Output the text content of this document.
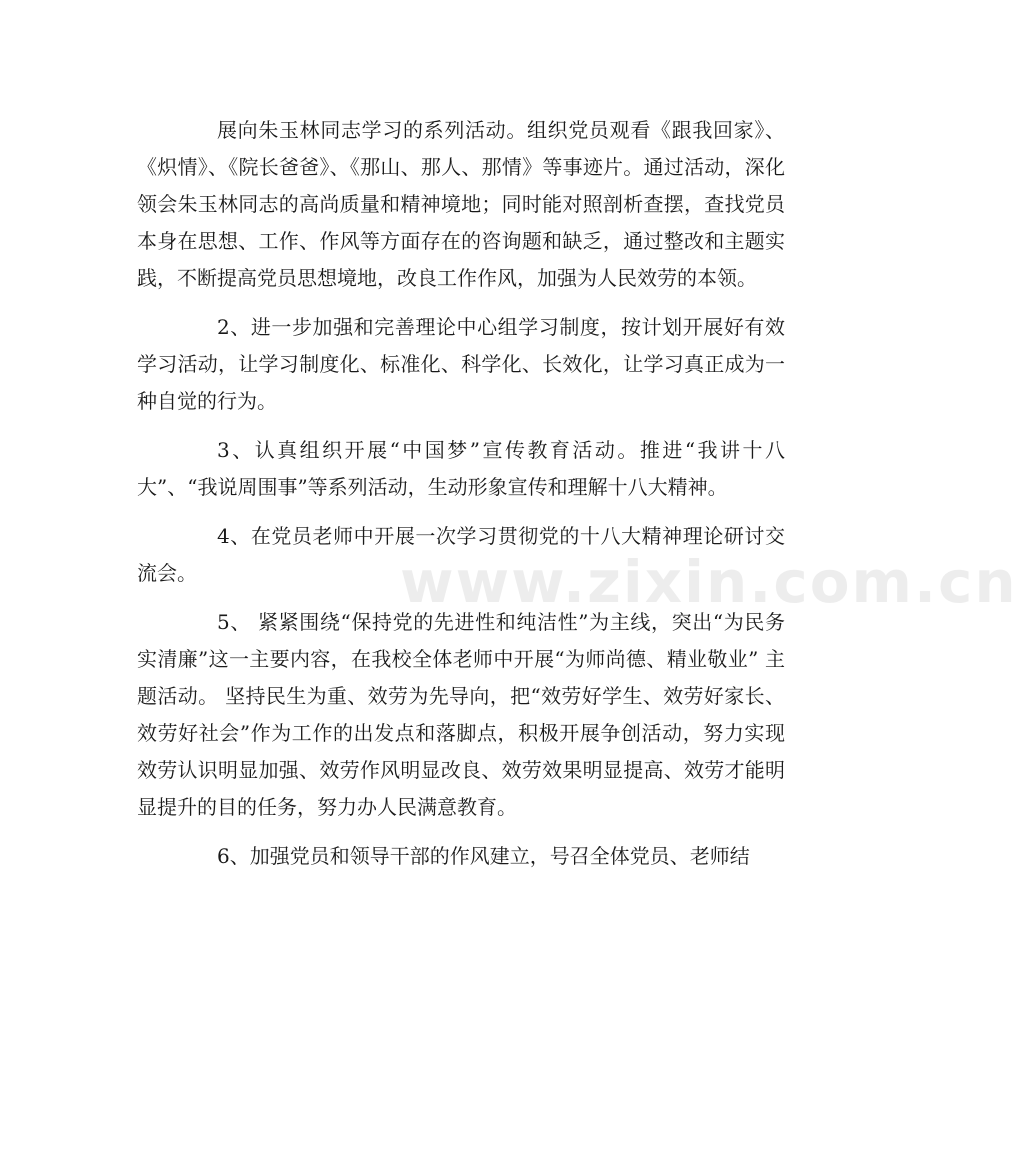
展向朱玉林同志学习的系列活动。组织党员观看《跟我回家》、《炽情》、《院长爸爸》、《那山、那人、那情》等事迹片。通过活动，深化领会朱玉林同志的高尚质量和精神境地；同时能对照剖析查摆，查找党员本身在思想、工作、作风等方面存在的咨询题和缺乏，通过整改和主题实践，不断提高党员思想境地，改良工作作风，加强为人民效劳的本领。

2、进一步加强和完善理论中心组学习制度，按计划开展好有效学习活动，让学习制度化、标准化、科学化、长效化，让学习真正成为一种自觉的行为。

3、认真组织开展“中国梦”宣传教育活动。推进“我讲十八大”、“我说周围事”等系列活动，生动形象宣传和理解十八大精神。

4、在党员老师中开展一次学习贯彻党的十八大精神理论研讨交流会。

5、 紧紧围绕“保持党的先进性和纯洁性”为主线，突出“为民务实清廉”这一主要内容，在我校全体老师中开展“为师尚德、精业敬业” 主题活动。 坚持民生为重、效劳为先导向，把“效劳好学生、效劳好家长、效劳好社会”作为工作的出发点和落脚点，积极开展争创活动，努力实现效劳认识明显加强、效劳作风明显改良、效劳效果明显提高、效劳才能明显提升的目的任务，努力办人民满意教育。

6、加强党员和领导干部的作风建立，号召全体党员、老师结

www.zixin.com.cn
